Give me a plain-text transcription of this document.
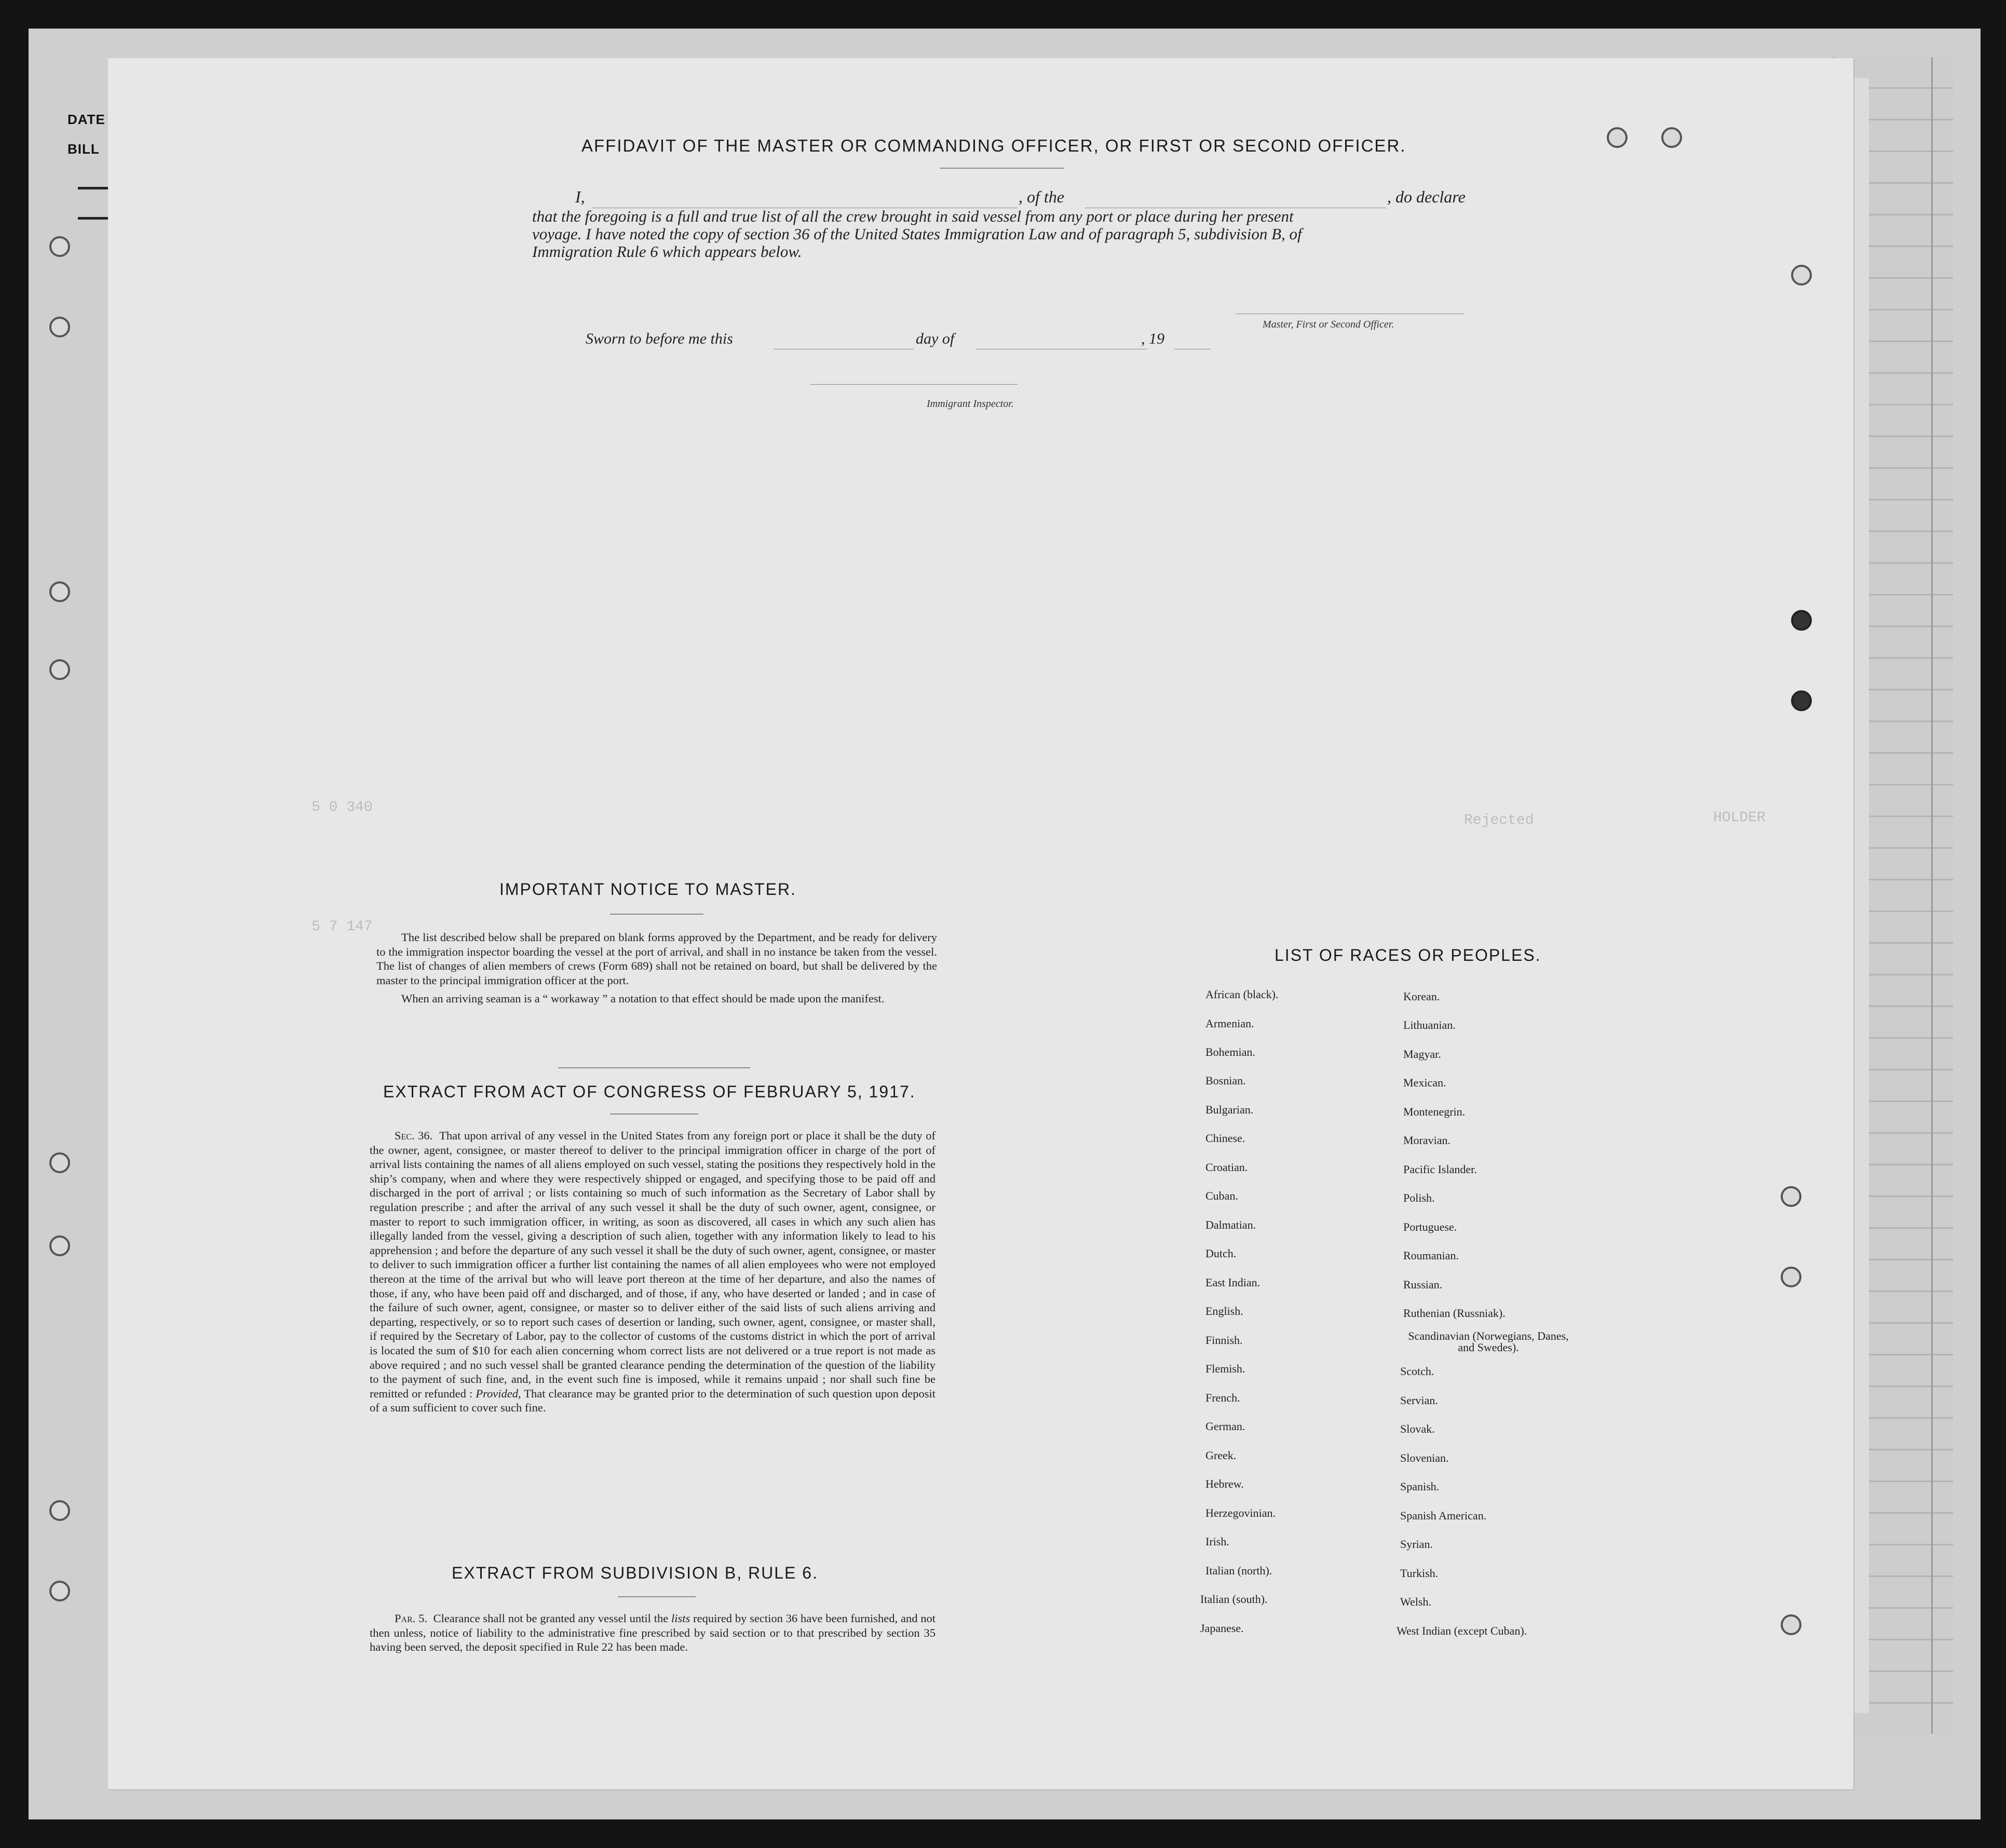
DATE
BILL
5 0 340
Rejected	HOLDER
5 7 147
AFFIDAVIT OF THE MASTER OR COMMANDING OFFICER, OR FIRST OR SECOND OFFICER.
I,	, of the	, do declare
that the foregoing is a full and true list of all the crew brought in said vessel from any port or place during her present
voyage. I have noted the copy of section 36 of the United States Immigration Law and of paragraph 5, subdivision B, of
Immigration Rule 6 which appears below.
Master, First or Second Officer.
Sworn to before me this	day of	, 19
Immigrant Inspector.
IMPORTANT NOTICE TO MASTER.

The list described below shall be prepared on blank forms approved by the Department, and be ready for delivery to the immigration inspector boarding the vessel at the port of arrival, and shall in no instance be taken from the vessel. The list of changes of alien members of crews (Form 689) shall not be retained on board, but shall be delivered by the master to the principal immigration officer at the port.

When an arriving seaman is a “ workaway ” a notation to that effect should be made upon the manifest.

EXTRACT FROM ACT OF CONGRESS OF FEBRUARY 5, 1917.

Sec. 36. That upon arrival of any vessel in the United States from any foreign port or place it shall be the duty of the owner, agent, consignee, or master thereof to deliver to the principal immigration officer in charge of the port of arrival lists containing the names of all aliens employed on such vessel, stating the positions they respectively hold in the ship’s company, when and where they were respectively shipped or engaged, and specifying those to be paid off and discharged in the port of arrival ; or lists containing so much of such information as the Secretary of Labor shall by regulation prescribe ; and after the arrival of any such vessel it shall be the duty of such owner, agent, consignee, or master to report to such immigration officer, in writing, as soon as discovered, all cases in which any such alien has illegally landed from the vessel, giving a description of such alien, together with any information likely to lead to his apprehension ; and before the departure of any such vessel it shall be the duty of such owner, agent, consignee, or master to deliver to such immigration officer a further list containing the names of all alien employees who were not employed thereon at the time of the arrival but who will leave port thereon at the time of her departure, and also the names of those, if any, who have been paid off and discharged, and of those, if any, who have deserted or landed ; and in case of the failure of such owner, agent, consignee, or master so to deliver either of the said lists of such aliens arriving and departing, respectively, or so to report such cases of desertion or landing, such owner, agent, consignee, or master shall, if required by the Secretary of Labor, pay to the collector of customs of the customs district in which the port of arrival is located the sum of $10 for each alien concerning whom correct lists are not delivered or a true report is not made as above required ; and no such vessel shall be granted clearance pending the determination of the question of the liability to the payment of such fine, and, in the event such fine is imposed, while it remains unpaid ; nor shall such fine be remitted or refunded : Provided, That clearance may be granted prior to the determination of such question upon deposit of a sum sufficient to cover such fine.

EXTRACT FROM SUBDIVISION B, RULE 6.

Par. 5. Clearance shall not be granted any vessel until the lists required by section 36 have been furnished, and not then unless, notice of liability to the administrative fine prescribed by said section or to that prescribed by section 35 having been served, the deposit specified in Rule 22 has been made.

LIST OF RACES OR PEOPLES.
African (black).
Armenian.
Bohemian.
Bosnian.
Bulgarian.
Chinese.
Croatian.
Cuban.
Dalmatian.
Dutch.
East Indian.
English.
Finnish.
Flemish.
French.
German.
Greek.
Hebrew.
Herzegovinian.
Irish.
Italian (north).
Italian (south).
Japanese.
Korean.
Lithuanian.
Magyar.
Mexican.
Montenegrin.
Moravian.
Pacific Islander.
Polish.
Portuguese.
Roumanian.
Russian.
Ruthenian (Russniak).
Scandinavian (Norwegians, Danes, and Swedes).
Scotch.
Servian.
Slovak.
Slovenian.
Spanish.
Spanish American.
Syrian.
Turkish.
Welsh.
West Indian (except Cuban).
